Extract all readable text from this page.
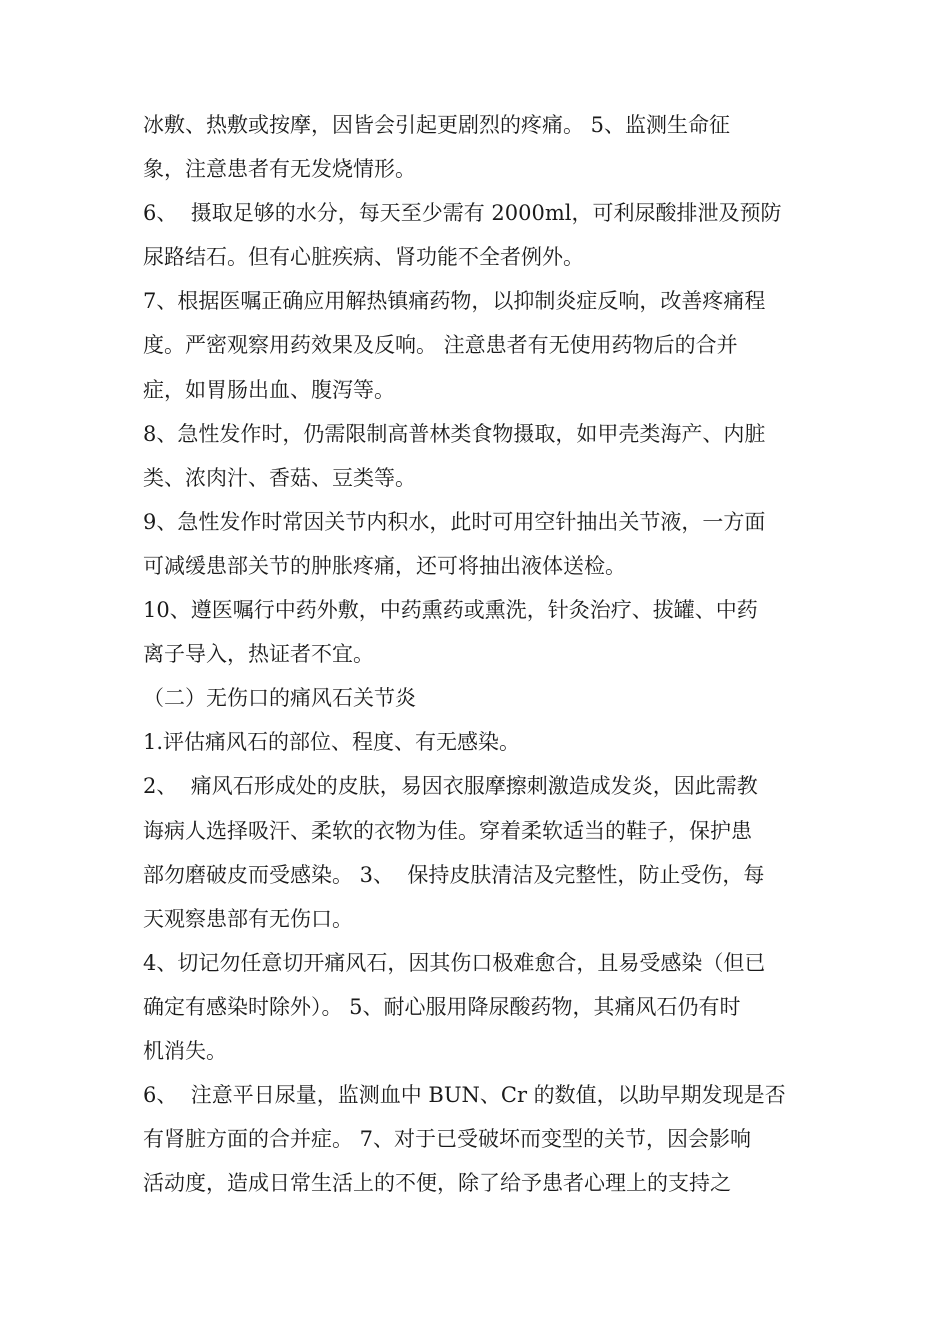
冰敷、热敷或按摩，因皆会引起更剧烈的疼痛。 5、监测生命征
象，注意患者有无发烧情形。
6、  摄取足够的水分，每天至少需有 2000ml，可利尿酸排泄及预防
尿路结石。但有心脏疾病、肾功能不全者例外。
7、根据医嘱正确应用解热镇痛药物，以抑制炎症反响，改善疼痛程
度。严密观察用药效果及反响。 注意患者有无使用药物后的合并
症，如胃肠出血、腹泻等。
8、急性发作时，仍需限制高普林类食物摄取，如甲壳类海产、内脏
类、浓肉汁、香菇、豆类等。
9、急性发作时常因关节内积水，此时可用空针抽出关节液，一方面
可减缓患部关节的肿胀疼痛，还可将抽出液体送检。
10、遵医嘱行中药外敷，中药熏药或熏洗，针灸治疗、拔罐、中药
离子导入，热证者不宜。
（二）无伤口的痛风石关节炎
1.评估痛风石的部位、程度、有无感染。
2、  痛风石形成处的皮肤，易因衣服摩擦刺激造成发炎，因此需教
诲病人选择吸汗、柔软的衣物为佳。穿着柔软适当的鞋子，保护患
部勿磨破皮而受感染。 3、  保持皮肤清洁及完整性，防止受伤，每
天观察患部有无伤口。
4、切记勿任意切开痛风石，因其伤口极难愈合，且易受感染（但已
确定有感染时除外）。 5、耐心服用降尿酸药物，其痛风石仍有时
机消失。
6、  注意平日尿量，监测血中 BUN、Cr 的数值，以助早期发现是否
有肾脏方面的合并症。 7、对于已受破坏而变型的关节，因会影响
活动度，造成日常生活上的不便，除了给予患者心理上的支持之
